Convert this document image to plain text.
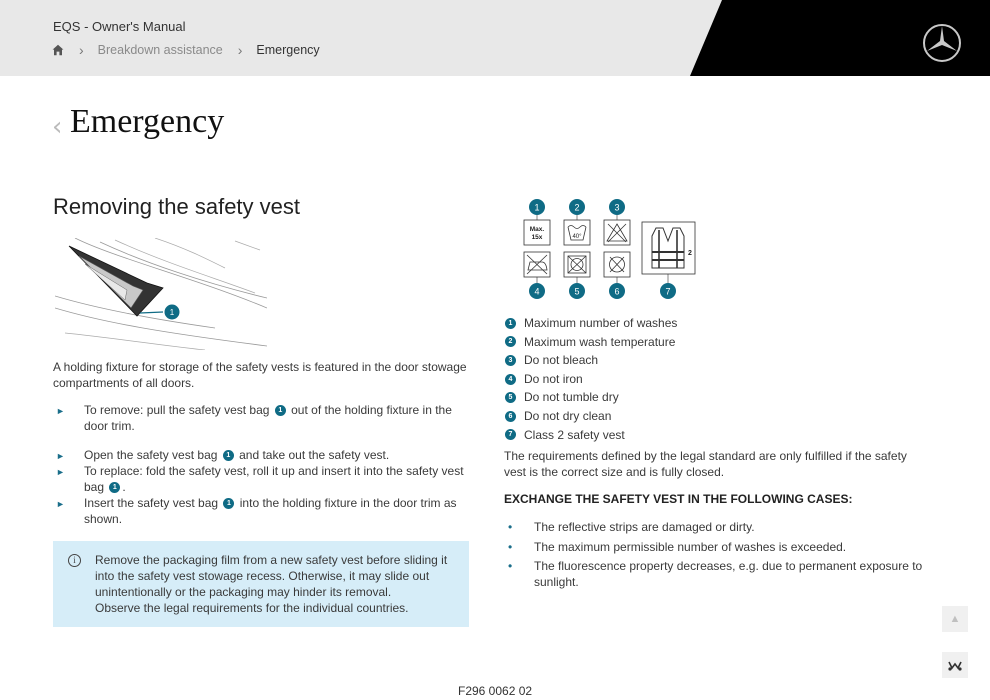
EQS - Owner's Manual
› Breakdown assistance › Emergency
‹ Emergency
Removing the safety vest
1

A holding fixture for storage of the safety vests is featured in the door stowage compartments of all doors.

► To remove: pull the safety vest bag 1 out of the holding fixture in the door trim.
► Open the safety vest bag 1 and take out the safety vest.
► To replace: fold the safety vest, roll it up and insert it into the safety vest bag 1 .
► Insert the safety vest bag 1 into the holding fixture in the door trim as shown.
i	Remove the packaging film from a new safety vest before sliding it into the safety vest stowage recess. Otherwise, it may slide out unintentionally or the packaging may hinder its removal.
Observe the legal requirements for the individual countries.
1	2	3
Max.
15x	40°
2
4	5	6	7
1 Maximum number of washes
2 Maximum wash temperature
3 Do not bleach
4 Do not iron
5 Do not tumble dry
6 Do not dry clean
7 Class 2 safety vest

The requirements defined by the legal standard are only fulfilled if the safety vest is the correct size and is fully closed.

EXCHANGE THE SAFETY VEST IN THE FOLLOWING CASES:
• The reflective strips are damaged or dirty.
• The maximum permissible number of washes is exceeded.
• The fluorescence property decreases, e.g. due to permanent exposure to sunlight.
▲
F296 0062 02
